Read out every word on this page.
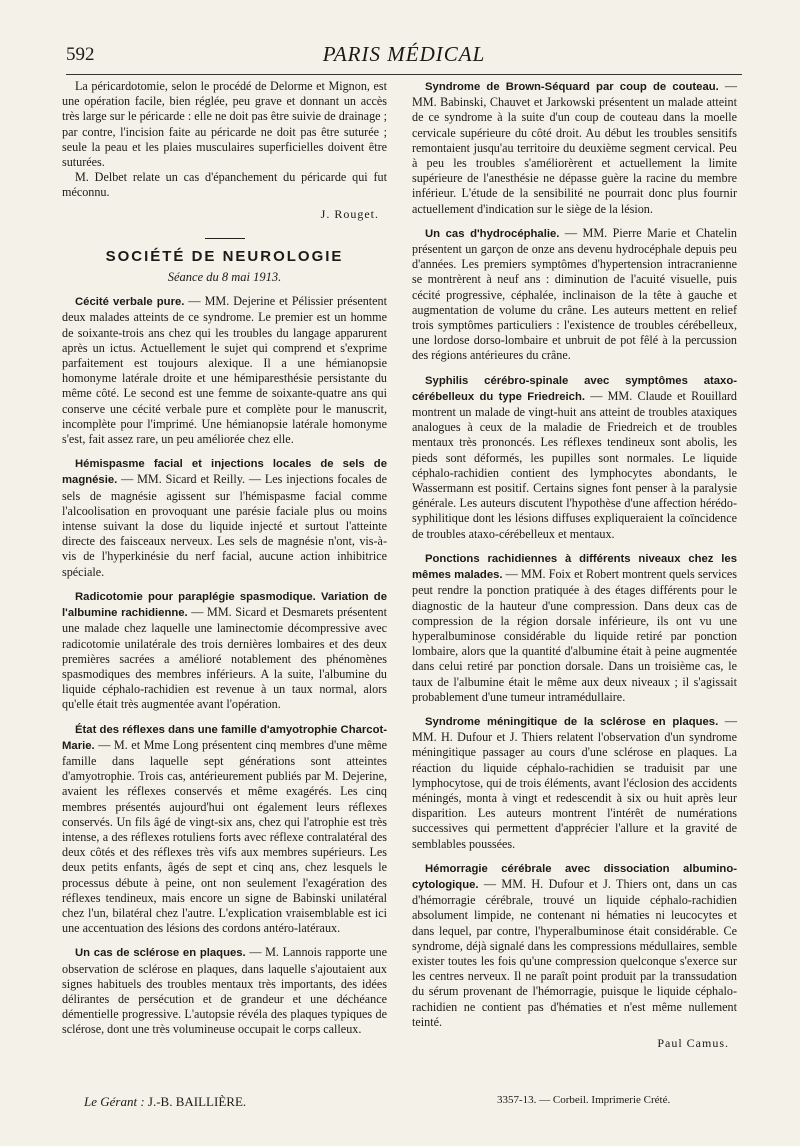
592	PARIS MÉDICAL

La péricardotomie, selon le procédé de Delorme et Mignon, est une opération facile, bien réglée, peu grave et donnant un accès très large sur le péricarde : elle ne doit pas être suivie de drainage ; par contre, l'incision faite au péricarde ne doit pas être suturée ; seule la peau et les plaies musculaires superficielles doivent être suturées.

M. Delbet relate un cas d'épanchement du péricarde qui fut méconnu.

J. Rouget.
SOCIÉTÉ DE NEUROLOGIE
Séance du 8 mai 1913.

Cécité verbale pure. — MM. Dejerine et Pélissier présentent deux malades atteints de ce syndrome. Le premier est un homme de soixante-trois ans chez qui les troubles du langage apparurent après un ictus. Actuellement le sujet qui comprend et s'exprime parfaitement est toujours alexique. Il a une hémianopsie homonyme latérale droite et une hémiparesthésie persistante du même côté. Le second est une femme de soixante-quatre ans qui conserve une cécité verbale pure et complète pour le manuscrit, incomplète pour l'imprimé. Une hémianopsie latérale homonyme s'est, fait assez rare, un peu améliorée chez elle.

Hémispasme facial et injections locales de sels de magnésie. — MM. Sicard et Reilly. — Les injections focales de sels de magnésie agissent sur l'hémispasme facial comme l'alcoolisation en provoquant une parésie faciale plus ou moins intense suivant la dose du liquide injecté et surtout l'atteinte directe des faisceaux nerveux. Les sels de magnésie n'ont, vis-à-vis de l'hyperkinésie du nerf facial, aucune action inhibitrice spéciale.

Radicotomie pour paraplégie spasmodique. Variation de l'albumine rachidienne. — MM. Sicard et Desmarets présentent une malade chez laquelle une laminectomie décompressive avec radicotomie unilatérale des trois dernières lombaires et des deux premières sacrées a amélioré notablement des phénomènes spasmodiques des membres inférieurs. A la suite, l'albumine du liquide céphalo-rachidien est revenue à un taux normal, alors qu'elle était très augmentée avant l'opération.

État des réflexes dans une famille d'amyotrophie Charcot-Marie. — M. et Mme Long présentent cinq membres d'une même famille dans laquelle sept générations sont atteintes d'amyotrophie. Trois cas, antérieurement publiés par M. Dejerine, avaient les réflexes conservés et même exagérés. Les cinq membres présentés aujourd'hui ont également leurs réflexes conservés. Un fils âgé de vingt-six ans, chez qui l'atrophie est très intense, a des réflexes rotuliens forts avec réflexe contralatéral des deux côtés et des réflexes très vifs aux membres supérieurs. Les deux petits enfants, âgés de sept et cinq ans, chez lesquels le processus débute à peine, ont non seulement l'exagération des réflexes tendineux, mais encore un signe de Babinski unilatéral chez l'un, bilatéral chez l'autre. L'explication vraisemblable est ici une accentuation des lésions des cordons antéro-latéraux.

Un cas de sclérose en plaques. — M. Lannois rapporte une observation de sclérose en plaques, dans laquelle s'ajoutaient aux signes habituels des troubles mentaux très importants, des idées délirantes de persécution et de grandeur et une déchéance démentielle progressive. L'autopsie révéla des plaques typiques de sclérose, dont une très volumineuse occupait le corps calleux.

Syndrome de Brown-Séquard par coup de couteau. — MM. Babinski, Chauvet et Jarkowski présentent un malade atteint de ce syndrome à la suite d'un coup de couteau dans la moelle cervicale supérieure du côté droit. Au début les troubles sensitifs remontaient jusqu'au territoire du deuxième segment cervical. Peu à peu les troubles s'améliorèrent et actuellement la limite supérieure de l'anesthésie ne dépasse guère la racine du membre inférieur. L'étude de la sensibilité ne pourrait donc plus fournir actuellement d'indication sur le siège de la lésion.

Un cas d'hydrocéphalie. — MM. Pierre Marie et Chatelin présentent un garçon de onze ans devenu hydrocéphale depuis peu d'années. Les premiers symptômes d'hypertension intracranienne se montrèrent à neuf ans : diminution de l'acuité visuelle, puis cécité progressive, céphalée, inclinaison de la tête à gauche et augmentation de volume du crâne. Les auteurs mettent en relief trois symptômes particuliers : l'existence de troubles cérébelleux, une lordose dorso-lombaire et unbruit de pot fêlé à la percussion des régions antérieures du crâne.

Syphilis cérébro-spinale avec symptômes ataxo-cérébelleux du type Friedreich. — MM. Claude et Rouillard montrent un malade de vingt-huit ans atteint de troubles ataxiques analogues à ceux de la maladie de Friedreich et de troubles mentaux très prononcés. Les réflexes tendineux sont abolis, les pieds sont déformés, les pupilles sont normales. Le liquide céphalo-rachidien contient des lymphocytes abondants, le Wassermann est positif. Certains signes font penser à la paralysie générale. Les auteurs discutent l'hypothèse d'une affection hérédo-syphilitique dont les lésions diffuses expliqueraient la coïncidence de troubles ataxo-cérébelleux et mentaux.

Ponctions rachidiennes à différents niveaux chez les mêmes malades. — MM. Foix et Robert montrent quels services peut rendre la ponction pratiquée à des étages différents pour le diagnostic de la hauteur d'une compression. Dans deux cas de compression de la région dorsale inférieure, ils ont vu une hyperalbuminose considérable du liquide retiré par ponction lombaire, alors que la quantité d'albumine était à peine augmentée dans celui retiré par ponction dorsale. Dans un troisième cas, le taux de l'albumine était le même aux deux niveaux ; il s'agissait probablement d'une tumeur intramédullaire.

Syndrome méningitique de la sclérose en plaques. — MM. H. Dufour et J. Thiers relatent l'observation d'un syndrome méningitique passager au cours d'une sclérose en plaques. La réaction du liquide céphalo-rachidien se traduisit par une lymphocytose, qui de trois éléments, avant l'éclosion des accidents méningés, monta à vingt et redescendit à six ou huit après leur disparition. Les auteurs montrent l'intérêt de numérations successives qui permettent d'apprécier l'allure et la gravité de semblables poussées.

Hémorragie cérébrale avec dissociation albumino-cytologique. — MM. H. Dufour et J. Thiers ont, dans un cas d'hémorragie cérébrale, trouvé un liquide céphalo-rachidien absolument limpide, ne contenant ni hématies ni leucocytes et dans lequel, par contre, l'hyperalbuminose était considérable. Ce syndrome, déjà signalé dans les compressions médullaires, semble exister toutes les fois qu'une compression quelconque s'exerce sur les centres nerveux. Il ne paraît point produit par la transsudation du sérum provenant de l'hémorragie, puisque le liquide céphalo-rachidien ne contient pas d'hématies et n'est même nullement teinté.

Paul Camus.
Le Gérant : J.-B. BAILLIÈRE.	3357-13. — Corbeil. Imprimerie Crété.
